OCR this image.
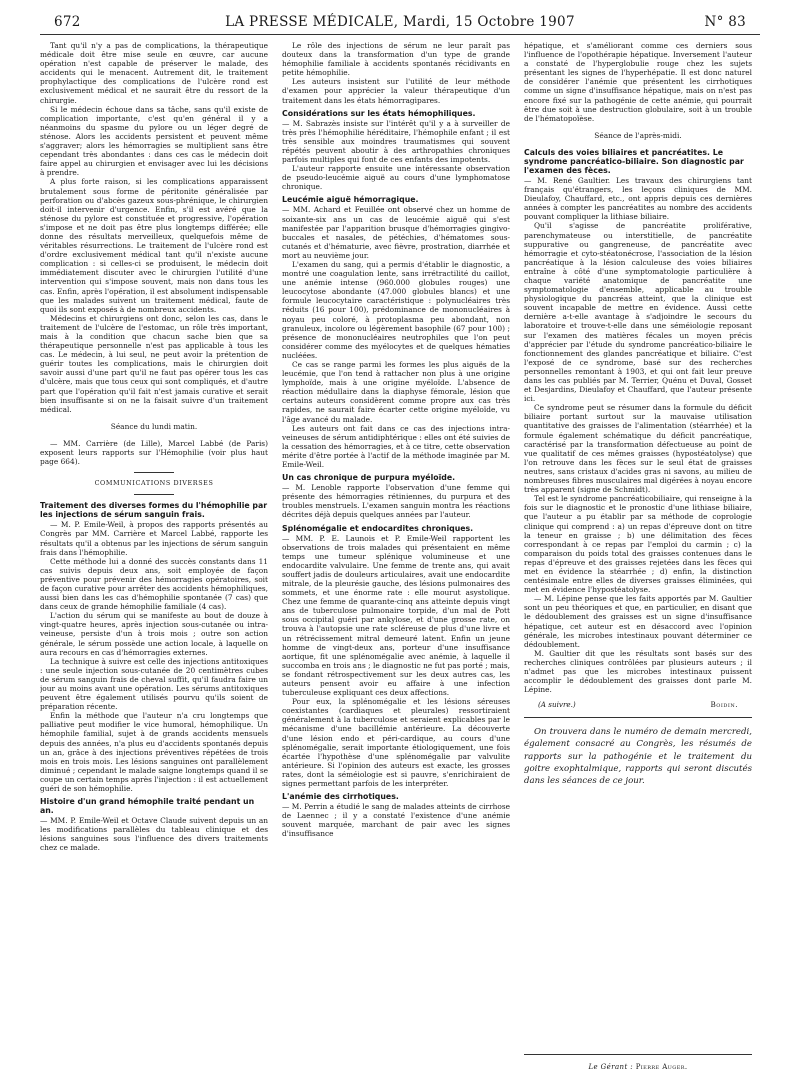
672	LA PRESSE MÉDICALE, Mardi, 15 Octobre 1907	N° 83

Tant qu'il n'y a pas de complications, la thérapeutique médicale doit être mise seule en œuvre, car aucune opération n'est capable de préserver le malade, des accidents qui le menacent. Autrement dit, le traitement prophylactique des complications de l'ulcère rond est exclusivement médical et ne saurait être du ressort de la chirurgie.

Si le médecin échoue dans sa tâche, sans qu'il existe de complication importante, c'est qu'en général il y a néanmoins du spasme du pylore ou un léger degré de sténose. Alors les accidents persistent et peuvent même s'aggraver; alors les hémorragies se multiplient sans être cependant très abondantes : dans ces cas le médecin doit faire appel au chirurgien et envisager avec lui les décisions à prendre.

A plus forte raison, si les complications apparaissent brutalement sous forme de péritonite généralisée par perforation ou d'abcès gazeux sous-phrénique, le chirurgien doit-il intervenir d'urgence. Enfin, s'il est avéré que la sténose du pylore est constituée et progressive, l'opération s'impose et ne doit pas être plus longtemps différée; elle donne des résultats merveilleux, quelquefois même de véritables résurrections. Le traitement de l'ulcère rond est d'ordre exclusivement médical tant qu'il n'existe aucune complication : si celles-ci se produisent, le médecin doit immédiatement discuter avec le chirurgien l'utilité d'une intervention qui s'impose souvent, mais non dans tous les cas. Enfin, après l'opération, il est absolument indispensable que les malades suivent un traitement médical, faute de quoi ils sont exposés à de nombreux accidents.

Médecins et chirurgiens ont donc, selon les cas, dans le traitement de l'ulcère de l'estomac, un rôle très important, mais à la condition que chacun sache bien que sa thérapeutique personnelle n'est pas applicable à tous les cas. Le médecin, à lui seul, ne peut avoir la prétention de guérir toutes les complications, mais le chirurgien doit savoir aussi d'une part qu'il ne faut pas opérer tous les cas d'ulcère, mais que tous ceux qui sont compliqués, et d'autre part que l'opération qu'il fait n'est jamais curative et serait bien insuffisante si on ne la faisait suivre d'un traitement médical.

Séance du lundi matin.

— MM. Carrière (de Lille), Marcel Labbé (de Paris) exposent leurs rapports sur l'Hémophilie (voir plus haut page 664).

COMMUNICATIONS DIVERSES

Traitement des diverses formes du l'hémophilie par les injections de sérum sanguin frais.

— M. P. Emile-Weil, à propos des rapports présentés au Congrès par MM. Carrière et Marcel Labbé, rapporte les résultats qu'il a obtenus par les injections de sérum sanguin frais dans l'hémophilie.

Cette méthode lui a donné des succès constants dans 11 cas suivis depuis deux ans, soit employée de façon préventive pour prévenir des hémorragies opératoires, soit de façon curative pour arrêter des accidents hémophiliques, aussi bien dans les cas d'hémophilie spontanée (7 cas) que dans ceux de grande hémophilie familiale (4 cas).

L'action du sérum qui se manifeste au bout de douze à vingt-quatre heures, après injection sous-cutanée ou intra-veineuse, persiste d'un à trois mois ; outre son action générale, le sérum possède une action locale, à laquelle on aura recours en cas d'hémorragies externes.

La technique à suivre est celle des injections antitoxiques : une seule injection sous-cutanée de 20 centimètres cubes de sérum sanguin frais de cheval suffit, qu'il faudra faire un jour au moins avant une opération. Les sérums antitoxiques peuvent être également utilisés pourvu qu'ils soient de préparation récente.

Enfin la méthode que l'auteur n'a cru longtemps que palliative peut modifier le vice humoral, hémophilique. Un hémophile familial, sujet à de grands accidents mensuels depuis des années, n'a plus eu d'accidents spontanés depuis un an, grâce à des injections préventives répétées de trois mois en trois mois. Les lésions sanguines ont parallèlement diminué ; cependant le malade saigne longtemps quand il se coupe un certain temps après l'injection : il est actuellement guéri de son hémophilie.

Histoire d'un grand hémophile traité pendant un an.

— MM. P. Emile-Weil et Octave Claude suivent depuis un an les modifications parallèles du tableau clinique et des lésions sanguines sous l'influence des divers traitements chez ce malade.

Le rôle des injections de sérum ne leur paraît pas douteux dans la transformation d'un type de grande hémophilie familiale à accidents spontanés récidivants en petite hémophilie.

Les auteurs insistent sur l'utilité de leur méthode d'examen pour apprécier la valeur thérapeutique d'un traitement dans les états hémorragipares.

Considérations sur les états hémophiliques.

— M. Sabrazès insiste sur l'intérêt qu'il y a à surveiller de très près l'hémophilie héréditaire, l'hémophile enfant ; il est très sensible aux moindres traumatismes qui souvent répétés peuvent aboutir à des arthropathies chroniques parfois multiples qui font de ces enfants des impotents.

L'auteur rapporte ensuite une intéressante observation de pseudo-leucémie aiguë au cours d'une lymphomatose chronique.

Leucémie aiguë hémorragique.

— MM. Achard et Feuillée ont observé chez un homme de soixante-six ans un cas de leucémie aiguë qui s'est manifestée par l'apparition brusque d'hémorragies gingivo-buccales et nasales, de pétéchies, d'hématomes sous-cutanés et d'hématurie, avec fièvre, prostration, diarrhée et mort au neuvième jour.

L'examen du sang, qui a permis d'établir le diagnostic, a montré une coagulation lente, sans irrétractilité du caillot, une anémie intense (960.000 globules rouges) une leucocytose abondante (47.000 globules blancs) et une formule leucocytaire caractéristique : polynucléaires très réduits (16 pour 100), prédominance de mononucléaires à noyau peu coloré, à protoplasma peu abondant, non granuleux, incolore ou légèrement basophile (67 pour 100) ; présence de mononucléaires neutrophiles que l'on peut considérer comme des myélocytes et de quelques hématies nucléées.

Ce cas se range parmi les formes les plus aiguës de la leucémie, que l'on tend à rattacher non plus à une origine lymphoïde, mais à une origine myéloïde. L'absence de réaction médullaire dans la diaphyse fémorale, lésion que certains auteurs considèrent comme propre aux cas très rapides, ne saurait faire écarter cette origine myéloïde, vu l'âge avancé du malade.

Les auteurs ont fait dans ce cas des injections intra-veineuses de sérum antidiphtérique : elles ont été suivies de la cessation des hémorragies, et à ce titre, cette observation mérite d'être portée à l'actif de la méthode imaginée par M. Emile-Weil.

Un cas chronique de purpura myéloïde.

— M. Lenoble rapporte l'observation d'une femme qui présente des hémorragies rétiniennes, du purpura et des troubles menstruels. L'examen sanguin montra les réactions décrites déjà depuis quelques années par l'auteur.

Splénomégalie et endocardites chroniques.

— MM. P. E. Launois et P. Emile-Weil rapportent les observations de trois malades qui présentaient en même temps une tumeur splénique volumineuse et une endocardite valvulaire. Une femme de trente ans, qui avait souffert jadis de douleurs articulaires, avait une endocardite mitrale, de la pleurésie gauche, des lésions pulmonaires des sommets, et une énorme rate : elle mourut asystolique. Chez une femme de quarante-cinq ans atteinte depuis vingt ans de tuberculose pulmonaire torpide, d'un mal de Pott sous occipital guéri par ankylose, et d'une grosse rate, on trouva à l'autopsie une rate scléreuse de plus d'une livre et un rétrécissement mitral demeuré latent. Enfin un jeune homme de vingt-deux ans, porteur d'une insuffisance aortique, fit une splénomégalie avec anémie, à laquelle il succomba en trois ans ; le diagnostic ne fut pas porté ; mais, se fondant rétrospectivement sur les deux autres cas, les auteurs pensent avoir eu affaire à une infection tuberculeuse expliquant ces deux affections.

Pour eux, la splénomégalie et les lésions séreuses coexistantes (cardiaques et pleurales) ressortiraient généralement à la tuberculose et seraient explicables par le mécanisme d'une bacillémie antérieure. La découverte d'une lésion endo et péri-cardique, au cours d'une splénomégalie, serait importante étiologiquement, une fois écartée l'hypothèse d'une splénomégalie par valvulite antérieure. Si l'opinion des auteurs est exacte, les grosses rates, dont la séméiologie est si pauvre, s'enrichiraient de signes permettant parfois de les interpréter.

L'anémie des cirrhotiques.

— M. Perrin a étudié le sang de malades atteints de cirrhose de Laennec ; il y a constaté l'existence d'une anémie souvent marquée, marchant de pair avec les signes d'insuffisance

hépatique, et s'améliorant comme ces derniers sous l'influence de l'opothérapie hépatique. Inversement l'auteur a constaté de l'hyperglobulie rouge chez les sujets présentant les signes de l'hyperhépatie. Il est donc naturel de considérer l'anémie que présentent les cirrhotiques comme un signe d'insuffisance hépatique, mais on n'est pas encore fixé sur la pathogénie de cette anémie, qui pourrait être due soit à une destruction globulaire, soit à un trouble de l'hématopoïèse.

Séance de l'après-midi.

Calculs des voies biliaires et pancréatites. Le syndrome pancréatico-biliaire. Son diagnostic par l'examen des fèces.

— M. René Gaultier. Les travaux des chirurgiens tant français qu'étrangers, les leçons cliniques de MM. Dieulafoy, Chauffard, etc., ont appris depuis ces dernières années à compter les pancréatites au nombre des accidents pouvant compliquer la lithiase biliaire.

Qu'il s'agisse de pancréatite proliférative, parenchymateuse ou interstitielle, de pancréatite suppurative ou gangreneuse, de pancréatite avec hémorragie et cyto-stéatonécrose, l'association de la lésion pancréatique à la lésion calculeuse des voies biliaires entraîne à côté d'une symptomatologie particulière à chaque variété anatomique de pancréatite une symptomatologie d'ensemble, applicable au trouble physiologique du pancréas atteint, que la clinique est souvent incapable de mettre en évidence. Aussi cette dernière a-t-elle avantage à s'adjoindre le secours du laboratoire et trouve-t-elle dans une séméiologie reposant sur l'examen des matières fécales un moyen précis d'apprécier par l'étude du syndrome pancréatico-biliaire le fonctionnement des glandes pancréatique et biliaire. C'est l'exposé de ce syndrome, basé sur des recherches personnelles remontant à 1903, et qui ont fait leur preuve dans les cas publiés par M. Terrier, Quénu et Duval, Gosset et Desjardins, Dieulafoy et Chauffard, que l'auteur présente ici.

Ce syndrome peut se résumer dans la formule du déficit biliaire portant surtout sur la mauvaise utilisation quantitative des graisses de l'alimentation (stéarrhée) et la formule également schématique du déficit pancréatique, caractérisé par la transformation défectueuse au point de vue qualitatif de ces mêmes graisses (hypostéatolyse) que l'on retrouve dans les fèces sur le seul état de graisses neutres, sans cristaux d'acides gras ni savons, au milieu de nombreuses fibres musculaires mal digérées à noyau encore très apparent (signe de Schmidt).

Tel est le syndrome pancréaticobiliaire, qui renseigne à la fois sur le diagnostic et le pronostic d'une lithiase biliaire, que l'auteur a pu établir par sa méthode de coprologie clinique qui comprend : a) un repas d'épreuve dont on titre la teneur en graisse ; b) une délimitation des fèces correspondant à ce repas par l'emploi du carmin ; c) la comparaison du poids total des graisses contenues dans le repas d'épreuve et des graisses rejetées dans les fèces qui met en évidence la stéarrhée ; d) enfin, la distinction centésimale entre elles de diverses graisses éliminées, qui met en évidence l'hypostéatolyse.

— M. Lépine pense que les faits apportés par M. Gaultier sont un peu théoriques et que, en particulier, en disant que le dédoublement des graisses est un signe d'insuffisance hépatique, cet auteur est en désaccord avec l'opinion générale, les microbes intestinaux pouvant déterminer ce dédoublement.

M. Gaultier dit que les résultats sont basés sur des recherches cliniques contrôlées par plusieurs auteurs ; il n'admet pas que les microbes intestinaux puissent accomplir le dédoublement des graisses dont parle M. Lépine.

(A suivre.)	Boidin.

On trouvera dans le numéro de demain mercredi, également consacré au Congrès, les résumés de rapports sur la pathogénie et le traitement du goitre exophtalmique, rapports qui seront discutés dans les séances de ce jour.

Le Gérant : Pierre Auger.
